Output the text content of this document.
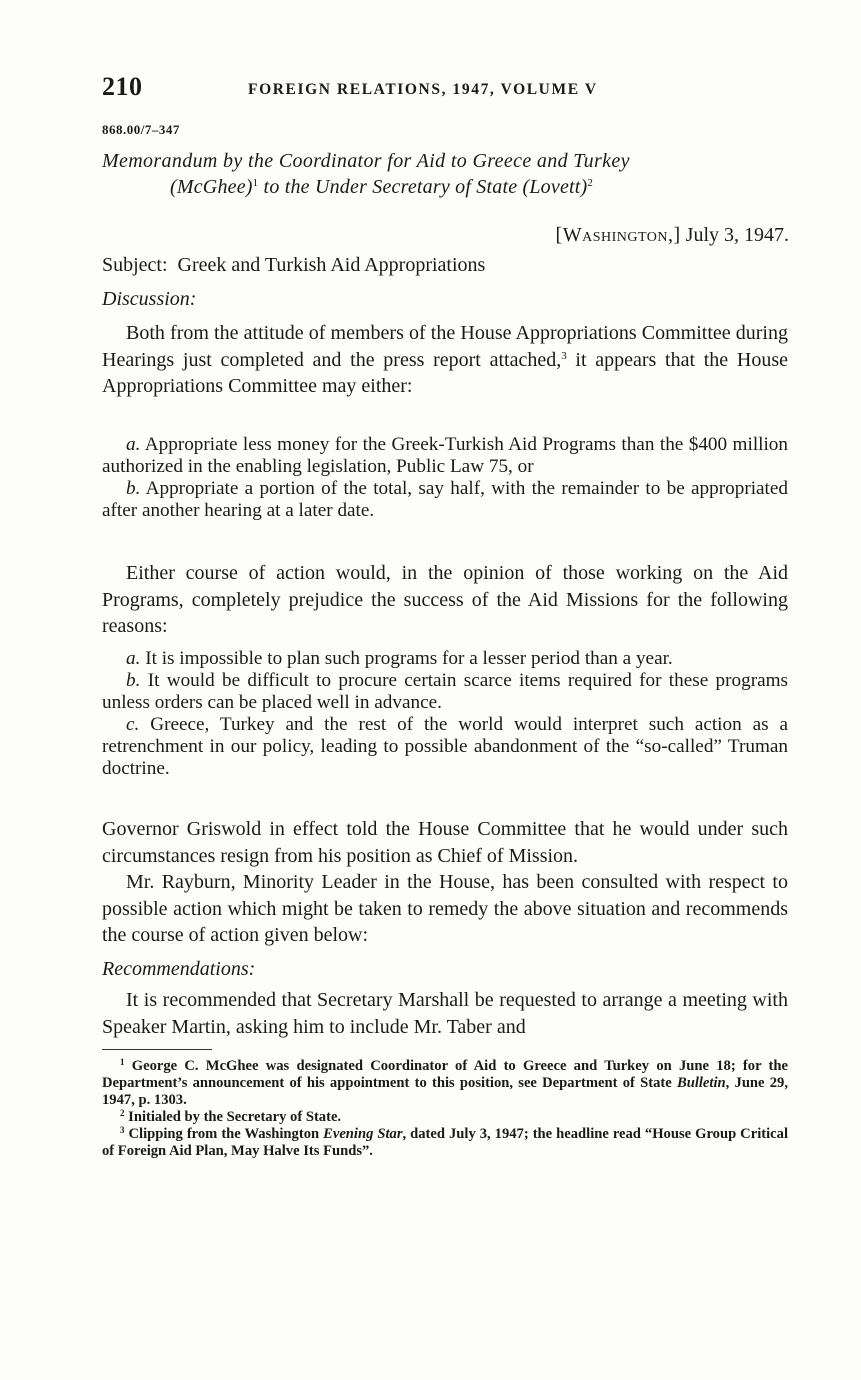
210	FOREIGN RELATIONS, 1947, VOLUME V
868.00/7–347
Memorandum by the Coordinator for Aid to Greece and Turkey
(McGhee)$^1$ to the Under Secretary of State (Lovett)$^2$
[Washington,] July 3, 1947.
Subject: Greek and Turkish Aid Appropriations
Discussion:
Both from the attitude of members of the House Appropriations Committee during Hearings just completed and the press report attached,$^3$ it appears that the House Appropriations Committee may either:

a. Appropriate less money for the Greek-Turkish Aid Programs than the $400 million authorized in the enabling legislation, Public Law 75, or

b. Appropriate a portion of the total, say half, with the remainder to be appropriated after another hearing at a later date.

Either course of action would, in the opinion of those working on the Aid Programs, completely prejudice the success of the Aid Missions for the following reasons:

a. It is impossible to plan such programs for a lesser period than a year.

b. It would be difficult to procure certain scarce items required for these programs unless orders can be placed well in advance.

c. Greece, Turkey and the rest of the world would interpret such action as a retrenchment in our policy, leading to possible abandonment of the “so-called” Truman doctrine.

Governor Griswold in effect told the House Committee that he would under such circumstances resign from his position as Chief of Mission.
Mr. Rayburn, Minority Leader in the House, has been consulted with respect to possible action which might be taken to remedy the above situation and recommends the course of action given below:
Recommendations:
It is recommended that Secretary Marshall be requested to arrange a meeting with Speaker Martin, asking him to include Mr. Taber and

$^1$ George C. McGhee was designated Coordinator of Aid to Greece and Turkey on June 18; for the Department’s announcement of his appointment to this position, see Department of State Bulletin, June 29, 1947, p. 1303.

$^2$ Initialed by the Secretary of State.

$^3$ Clipping from the Washington Evening Star, dated July 3, 1947; the headline read “House Group Critical of Foreign Aid Plan, May Halve Its Funds”.
